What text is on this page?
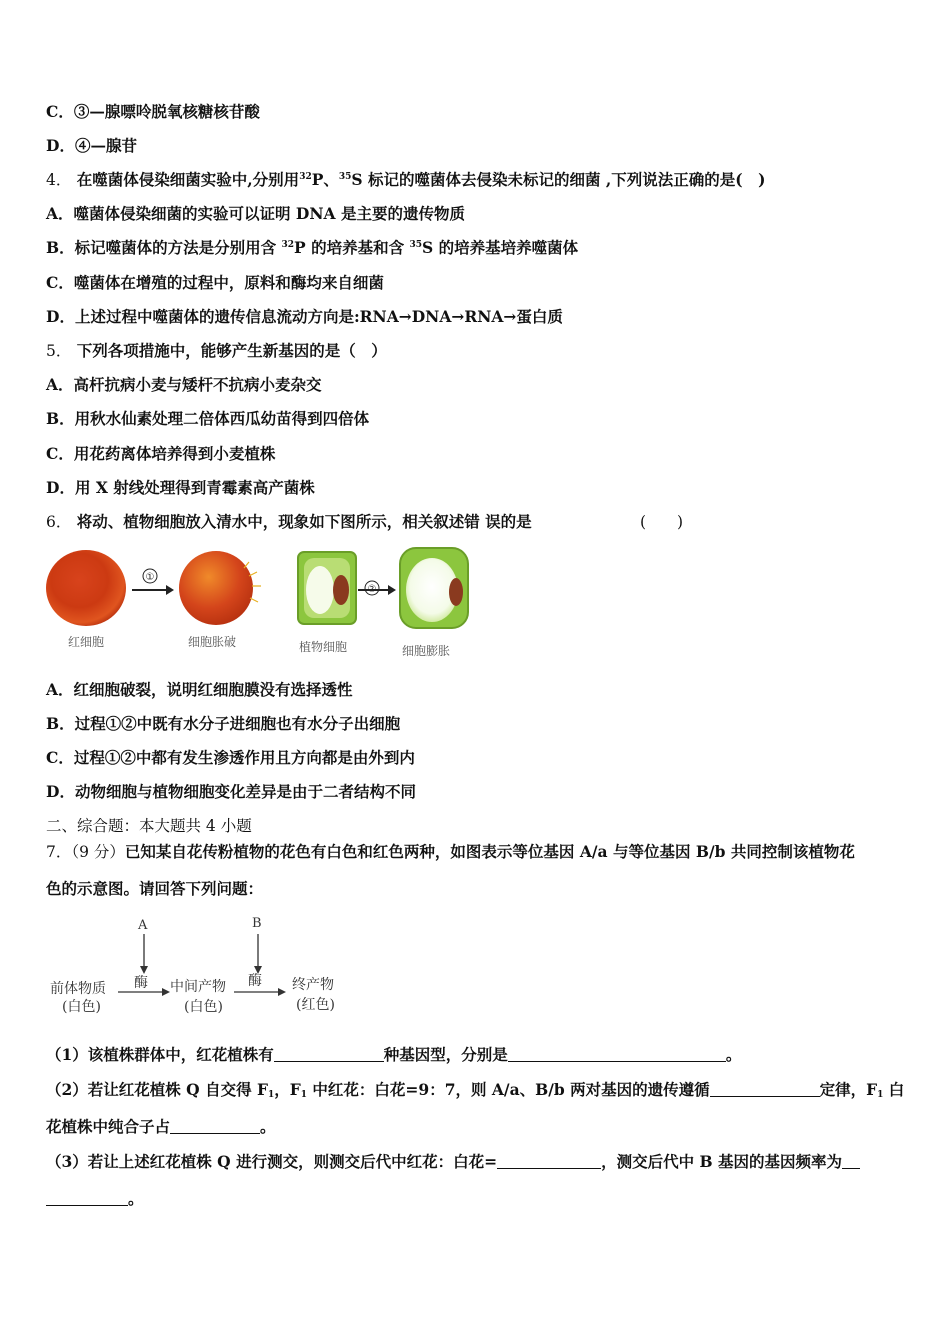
C．③—腺嘌呤脱氧核糖核苷酸
D．④—腺苷
4． 在噬菌体侵染细菌实验中,分别用$^{32}$P、$^{35}$S 标记的噬菌体去侵染未标记的细菌 ,下列说法正确的是(　)
A．噬菌体侵染细菌的实验可以证明 DNA 是主要的遗传物质
B．标记噬菌体的方法是分别用含 $^{32}$P 的培养基和含 $^{35}$S 的培养基培养噬菌体
C．噬菌体在增殖的过程中，原料和酶均来自细菌
D．上述过程中噬菌体的遗传信息流动方向是:RNA→DNA→RNA→蛋白质
5． 下列各项措施中，能够产生新基因的是（　）
A．高杆抗病小麦与矮杆不抗病小麦杂交
B．用秋水仙素处理二倍体西瓜幼苗得到四倍体
C．用花药离体培养得到小麦植株
D．用 X 射线处理得到青霉素高产菌株
6． 将动、植物细胞放入清水中，现象如下图所示，相关叙述错 误的是	(　　)
①
②
红细胞	细胞胀破	植物细胞	细胞膨胀
A．红细胞破裂，说明红细胞膜没有选择透性
B．过程①②中既有水分子进细胞也有水分子出细胞
C．过程①②中都有发生渗透作用且方向都是由外到内
D．动物细胞与植物细胞变化差异是由于二者结构不同
二、综合题：本大题共 4 小题
7．（9 分）已知某自花传粉植物的花色有白色和红色两种，如图表示等位基因 A/a 与等位基因 B/b 共同控制该植物花
色的示意图。请回答下列问题：
A	B
酶	酶
前体物质
(白色)
中间产物
(白色)
终产物
(红色)
（1）该植株群体中，红花植株有	种基因型，分别是	。
（2）若让红花植株 Q 自交得 $F_1$，$F_1$ 中红花：白花=9：7，则 A/a、B/b 两对基因的遗传遵循	定律，$F_1$ 白
花植株中纯合子占	。
（3）若让上述红花植株 Q 进行测交，则测交后代中红花：白花=	，测交后代中 B 基因的基因频率为
。
